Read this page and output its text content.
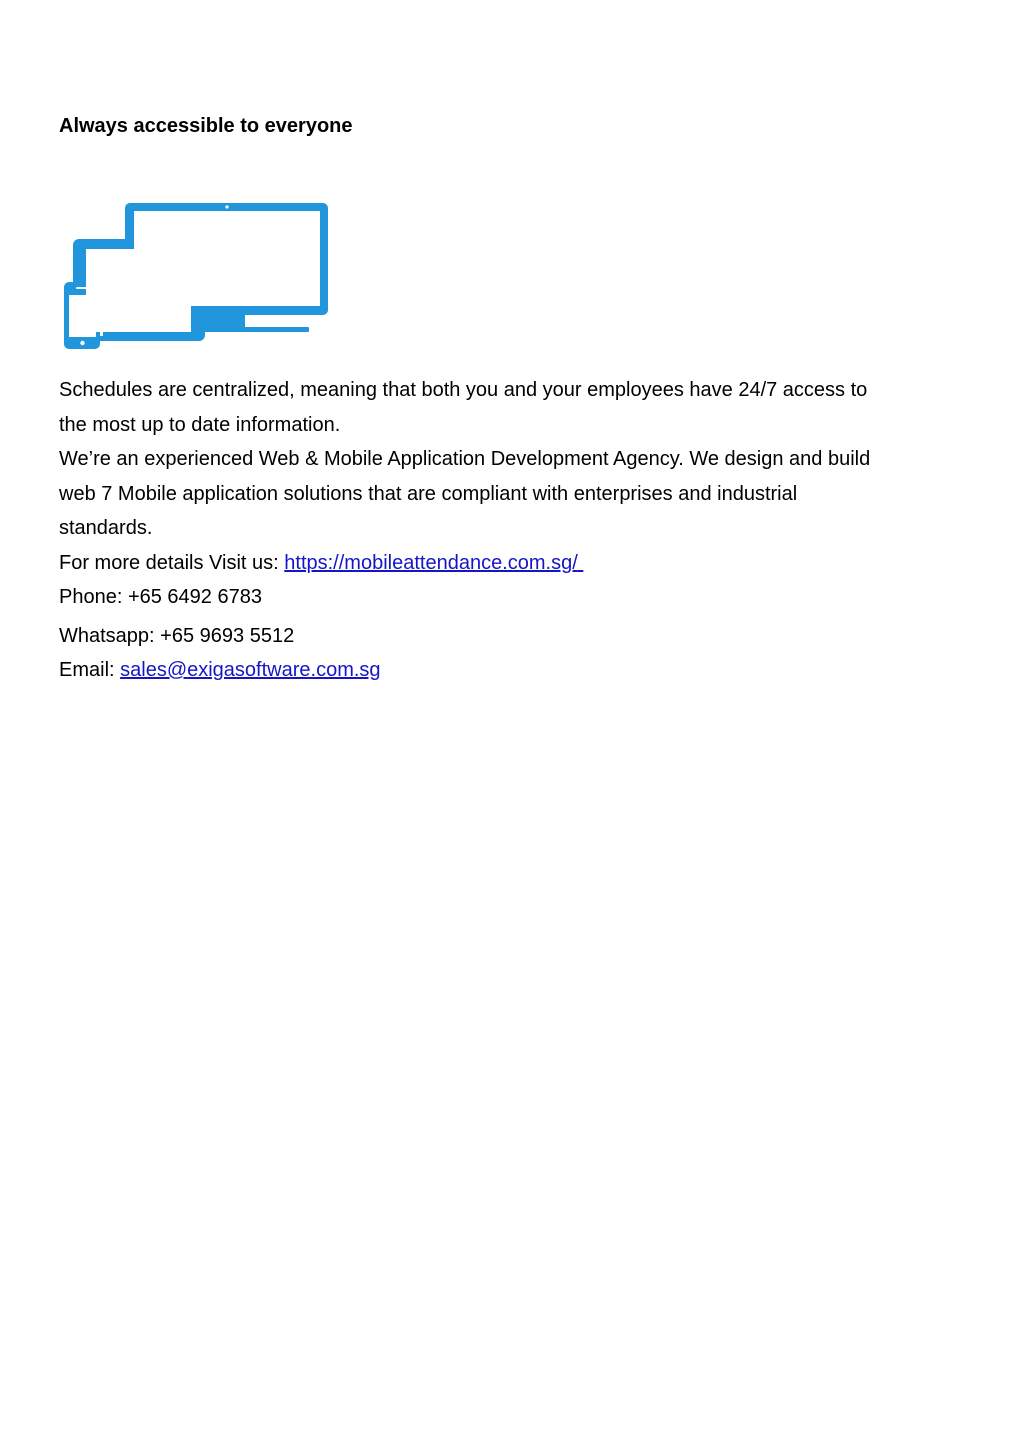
Always accessible to everyone

Schedules are centralized, meaning that both you and your employees have 24/7 access to
the most up to date information.

We’re an experienced Web & Mobile Application Development Agency. We design and build
web 7 Mobile application solutions that are compliant with enterprises and industrial
standards.

For more details Visit us: https://mobileattendance.com.sg/
Phone: +65 6492 6783
Whatsapp: +65 9693 5512
Email: sales@exigasoftware.com.sg
